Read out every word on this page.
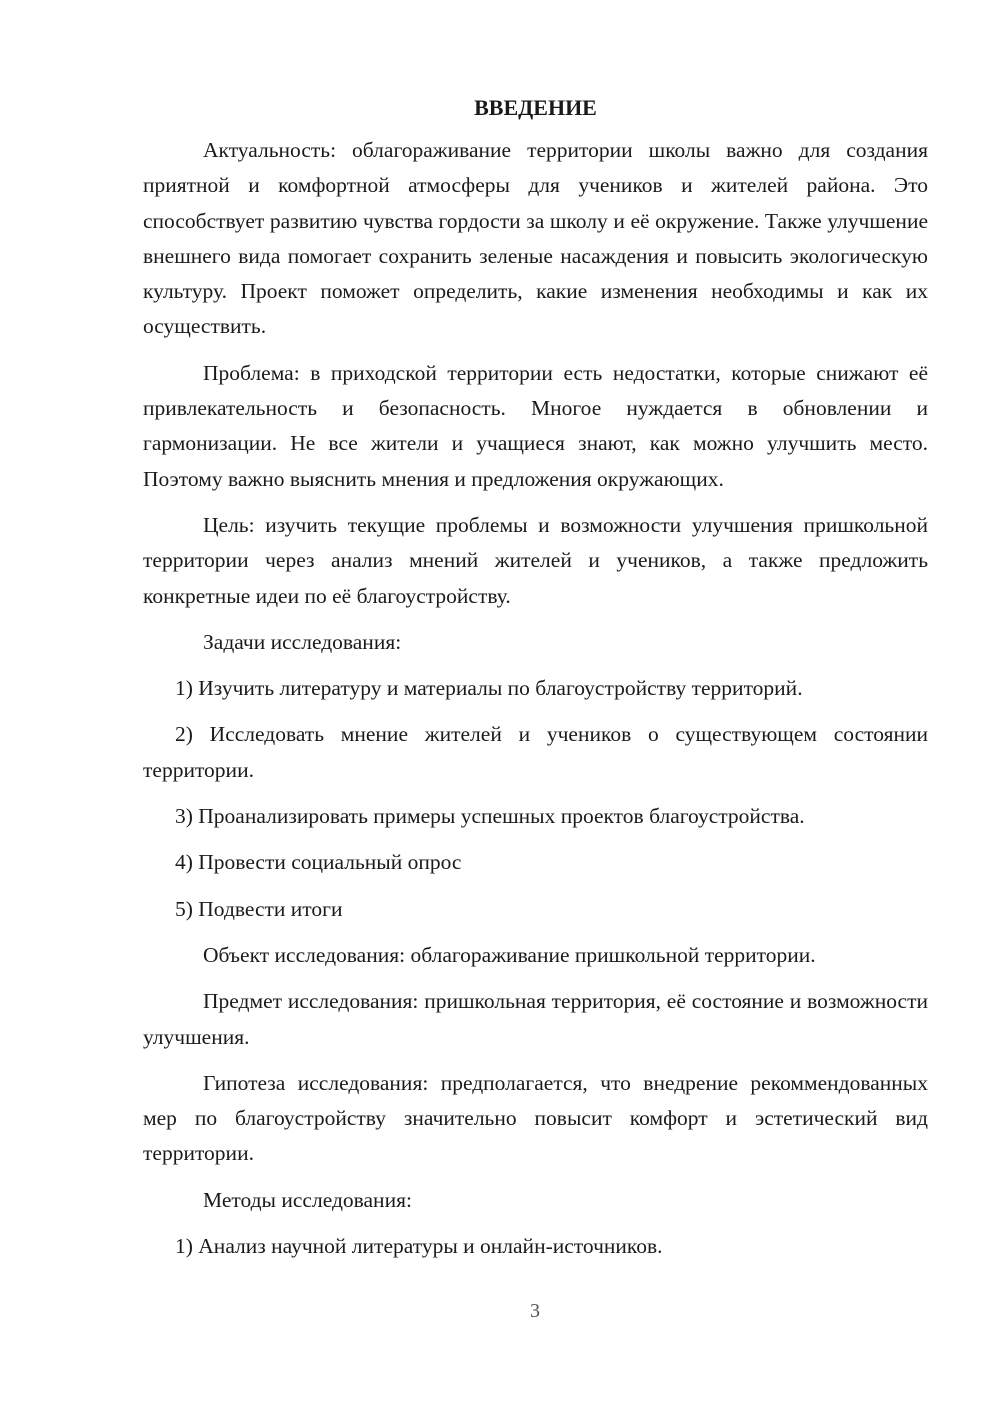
ВВЕДЕНИЕ

Актуальность: облагораживание территории школы важно для создания приятной и комфортной атмосферы для учеников и жителей района. Это способствует развитию чувства гордости за школу и её окружение. Также улучшение внешнего вида помогает сохранить зеленые насаждения и повысить экологическую культуру. Проект поможет определить, какие изменения необходимы и как их осуществить.

Проблема: в приходской территории есть недостатки, которые снижают её привлекательность и безопасность. Многое нуждается в обновлении и гармонизации. Не все жители и учащиеся знают, как можно улучшить место. Поэтому важно выяснить мнения и предложения окружающих.

Цель: изучить текущие проблемы и возможности улучшения пришкольной территории через анализ мнений жителей и учеников, а также предложить конкретные идеи по её благоустройству.

Задачи исследования:

1) Изучить литературу и материалы по благоустройству территорий.

2) Исследовать мнение жителей и учеников о существующем состоянии территории.

3) Проанализировать примеры успешных проектов благоустройства.

4) Провести социальный опрос

5) Подвести итоги

Объект исследования: облагораживание пришкольной территории.

Предмет исследования: пришкольная территория, её состояние и возможности улучшения.

Гипотеза исследования: предполагается, что внедрение рекоммендованных мер по благоустройству значительно повысит комфорт и эстетический вид территории.

Методы исследования:

1) Анализ научной литературы и онлайн-источников.

3
